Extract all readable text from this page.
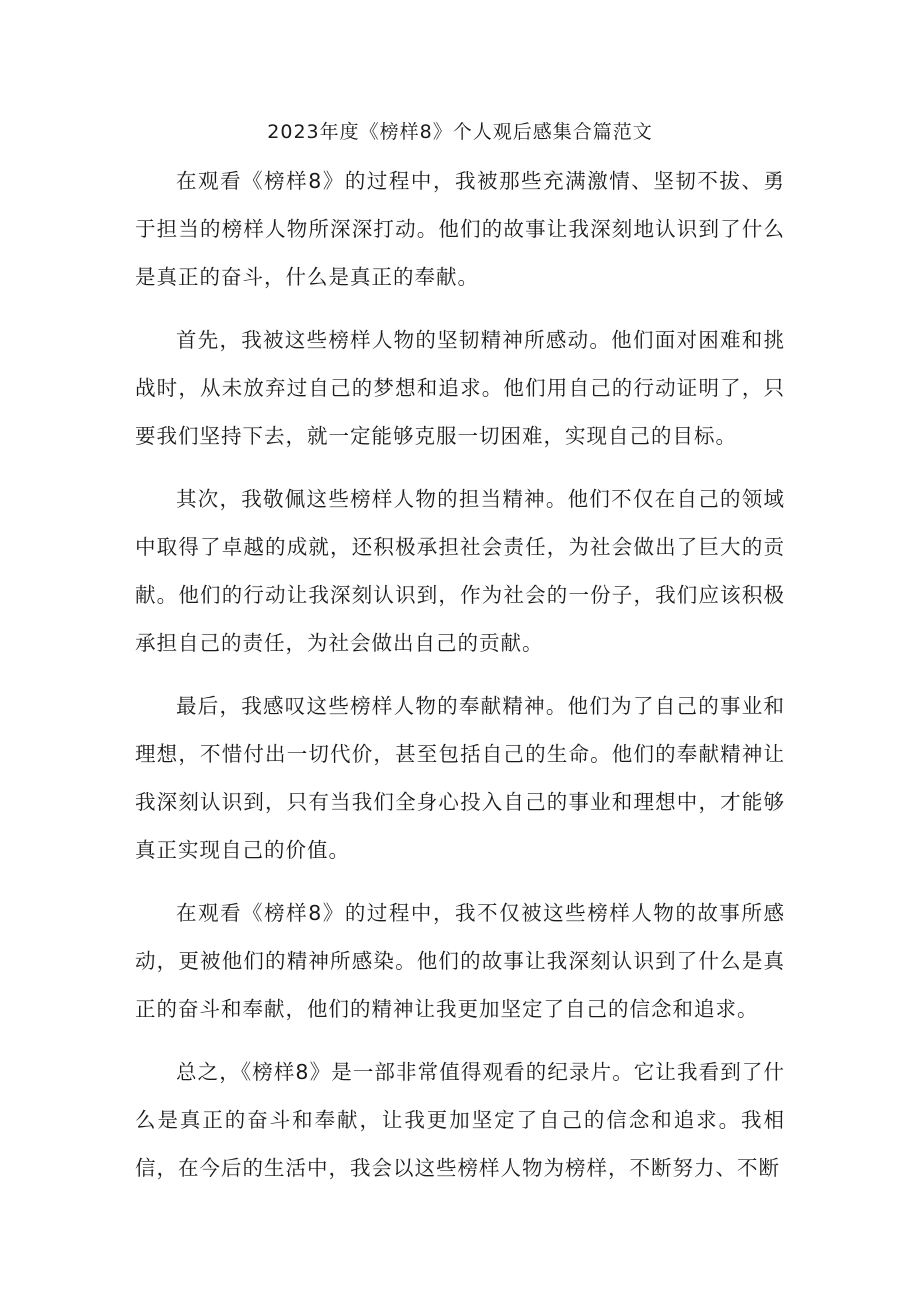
2023年度《榜样8》个人观后感集合篇范文

在观看《榜样8》的过程中，我被那些充满激情、坚韧不拔、勇于担当的榜样人物所深深打动。他们的故事让我深刻地认识到了什么是真正的奋斗，什么是真正的奉献。

首先，我被这些榜样人物的坚韧精神所感动。他们面对困难和挑战时，从未放弃过自己的梦想和追求。他们用自己的行动证明了，只要我们坚持下去，就一定能够克服一切困难，实现自己的目标。

其次，我敬佩这些榜样人物的担当精神。他们不仅在自己的领域中取得了卓越的成就，还积极承担社会责任，为社会做出了巨大的贡献。他们的行动让我深刻认识到，作为社会的一份子，我们应该积极承担自己的责任，为社会做出自己的贡献。

最后，我感叹这些榜样人物的奉献精神。他们为了自己的事业和理想，不惜付出一切代价，甚至包括自己的生命。他们的奉献精神让我深刻认识到，只有当我们全身心投入自己的事业和理想中，才能够真正实现自己的价值。

在观看《榜样8》的过程中，我不仅被这些榜样人物的故事所感动，更被他们的精神所感染。他们的故事让我深刻认识到了什么是真正的奋斗和奉献，他们的精神让我更加坚定了自己的信念和追求。

总之，《榜样8》是一部非常值得观看的纪录片。它让我看到了什么是真正的奋斗和奉献，让我更加坚定了自己的信念和追求。我相信，在今后的生活中，我会以这些榜样人物为榜样，不断努力、不断
